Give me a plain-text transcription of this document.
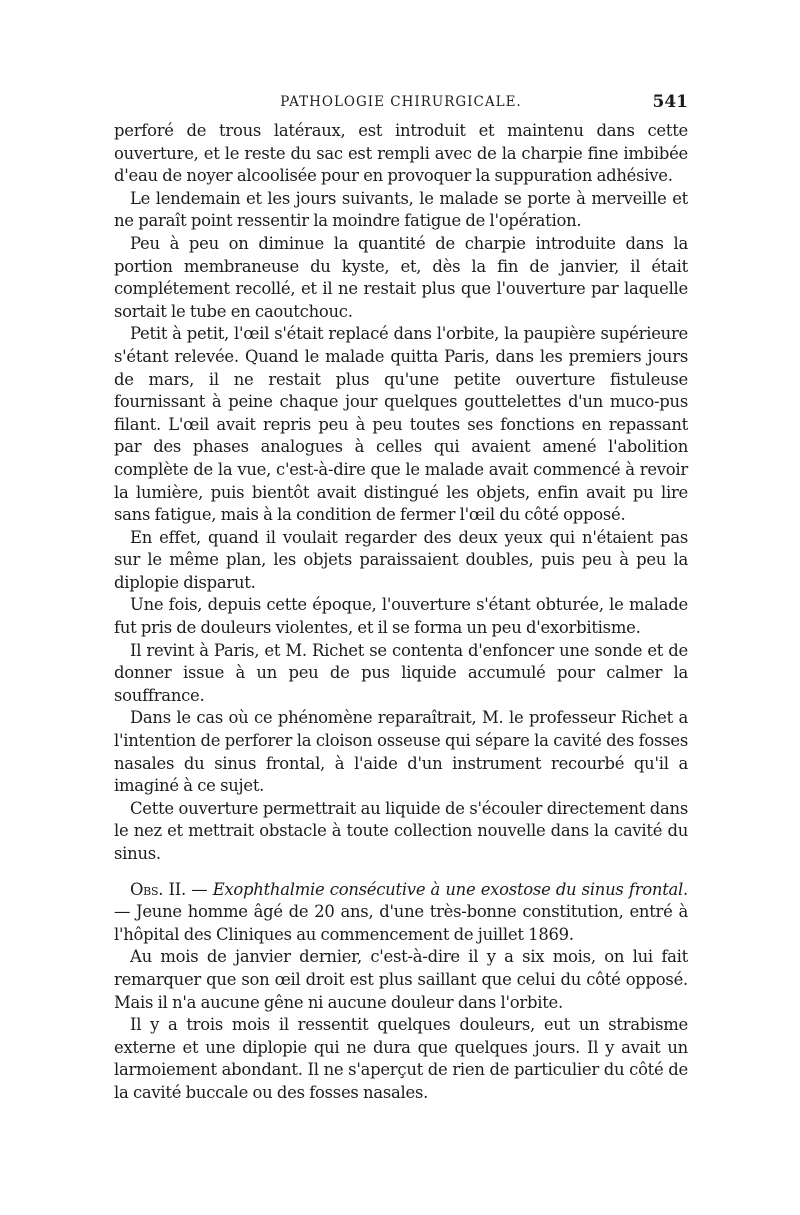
PATHOLOGIE CHIRURGICALE.	541

perforé de trous latéraux, est introduit et maintenu dans cette ouverture, et le reste du sac est rempli avec de la charpie fine imbibée d'eau de noyer alcoolisée pour en provoquer la suppuration adhésive.

Le lendemain et les jours suivants, le malade se porte à merveille et ne paraît point ressentir la moindre fatigue de l'opération.

Peu à peu on diminue la quantité de charpie introduite dans la portion membraneuse du kyste, et, dès la fin de janvier, il était complétement recollé, et il ne restait plus que l'ouverture par laquelle sortait le tube en caoutchouc.

Petit à petit, l'œil s'était replacé dans l'orbite, la paupière supérieure s'étant relevée. Quand le malade quitta Paris, dans les premiers jours de mars, il ne restait plus qu'une petite ouverture fistuleuse fournissant à peine chaque jour quelques gouttelettes d'un muco-pus filant. L'œil avait repris peu à peu toutes ses fonctions en repassant par des phases analogues à celles qui avaient amené l'abolition complète de la vue, c'est-à-dire que le malade avait commencé à revoir la lumière, puis bientôt avait distingué les objets, enfin avait pu lire sans fatigue, mais à la condition de fermer l'œil du côté opposé.

En effet, quand il voulait regarder des deux yeux qui n'étaient pas sur le même plan, les objets paraissaient doubles, puis peu à peu la diplopie disparut.

Une fois, depuis cette époque, l'ouverture s'étant obturée, le malade fut pris de douleurs violentes, et il se forma un peu d'exorbitisme.

Il revint à Paris, et M. Richet se contenta d'enfoncer une sonde et de donner issue à un peu de pus liquide accumulé pour calmer la souffrance.

Dans le cas où ce phénomène reparaîtrait, M. le professeur Richet a l'intention de perforer la cloison osseuse qui sépare la cavité des fosses nasales du sinus frontal, à l'aide d'un instrument recourbé qu'il a imaginé à ce sujet.

Cette ouverture permettrait au liquide de s'écouler directement dans le nez et mettrait obstacle à toute collection nouvelle dans la cavité du sinus.

Obs. II. — Exophthalmie consécutive à une exostose du sinus frontal. — Jeune homme âgé de 20 ans, d'une très-bonne constitution, entré à l'hôpital des Cliniques au commencement de juillet 1869.

Au mois de janvier dernier, c'est-à-dire il y a six mois, on lui fait remarquer que son œil droit est plus saillant que celui du côté opposé. Mais il n'a aucune gêne ni aucune douleur dans l'orbite.

Il y a trois mois il ressentit quelques douleurs, eut un strabisme externe et une diplopie qui ne dura que quelques jours. Il y avait un larmoiement abondant. Il ne s'aperçut de rien de particulier du côté de la cavité buccale ou des fosses nasales.
